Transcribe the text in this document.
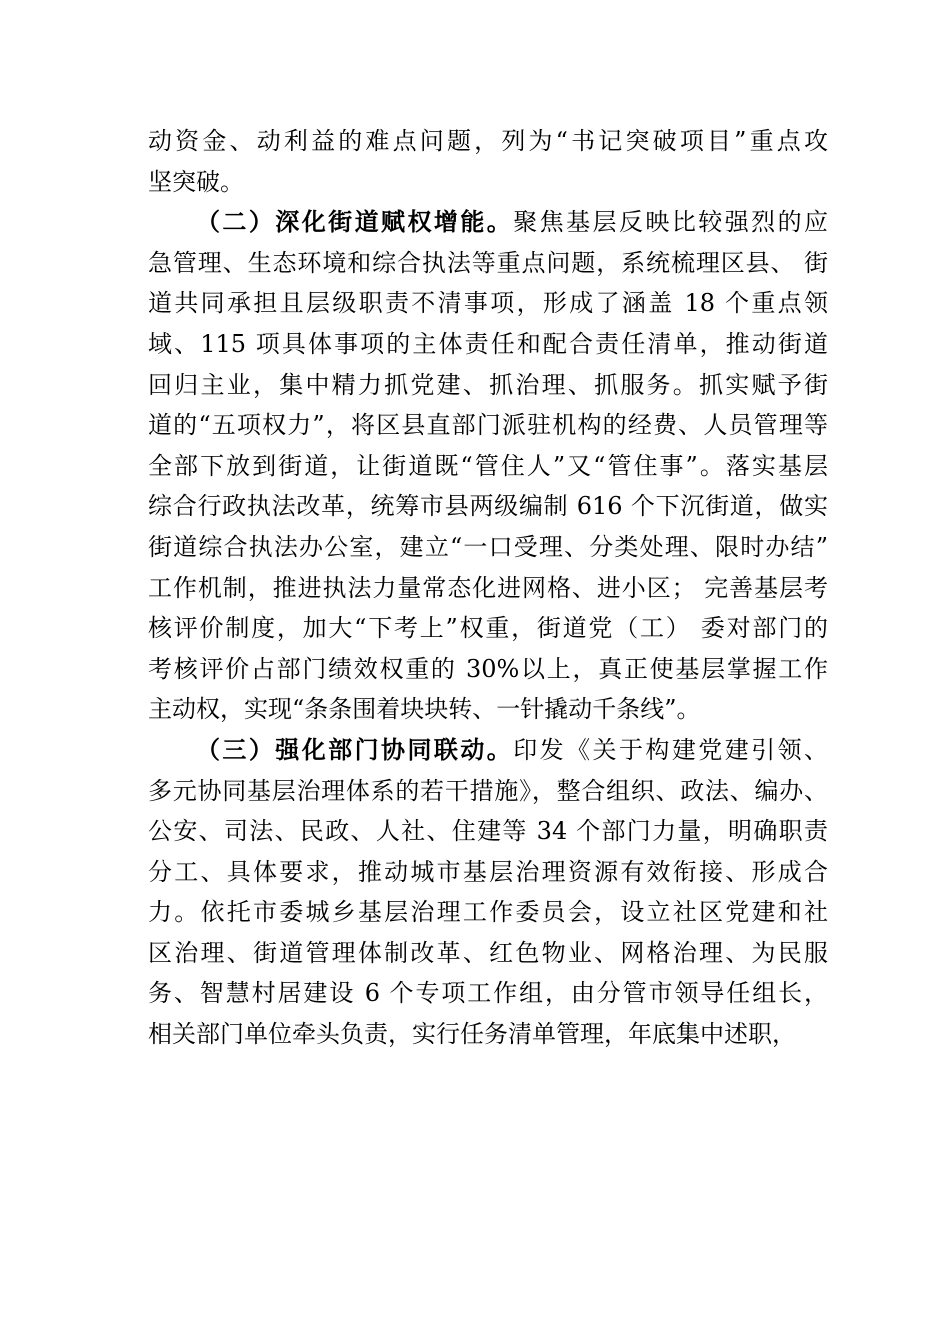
动资金、动利益的难点问题，列为“书记突破项目”重点攻
坚突破。
（二）深化街道赋权增能。聚焦基层反映比较强烈的应
急管理、生态环境和综合执法等重点问题，系统梳理区县、 街
道共同承担且层级职责不清事项，形成了涵盖 18 个重点领
域、115 项具体事项的主体责任和配合责任清单，推动街道
回归主业，集中精力抓党建、抓治理、抓服务。抓实赋予街
道的“五项权力”，将区县直部门派驻机构的经费、人员管理等
全部下放到街道，让街道既“管住人”又“管住事”。落实基层
综合行政执法改革，统筹市县两级编制 616 个下沉街道，做实
街道综合执法办公室，建立“一口受理、分类处理、限时办结”
工作机制，推进执法力量常态化进网格、进小区； 完善基层考
核评价制度，加大“下考上”权重，街道党（工） 委对部门的
考核评价占部门绩效权重的 30%以上，真正使基层掌握工作
主动权，实现“条条围着块块转、一针撬动千条线”。
（三）强化部门协同联动。印发《关于构建党建引领、
多元协同基层治理体系的若干措施》，整合组织、政法、编办、
公安、司法、民政、人社、住建等 34 个部门力量，明确职责
分工、具体要求，推动城市基层治理资源有效衔接、形成合
力。依托市委城乡基层治理工作委员会，设立社区党建和社
区治理、街道管理体制改革、红色物业、网格治理、为民服
务、智慧村居建设 6 个专项工作组，由分管市领导任组长，
相关部门单位牵头负责，实行任务清单管理，年底集中述职，
